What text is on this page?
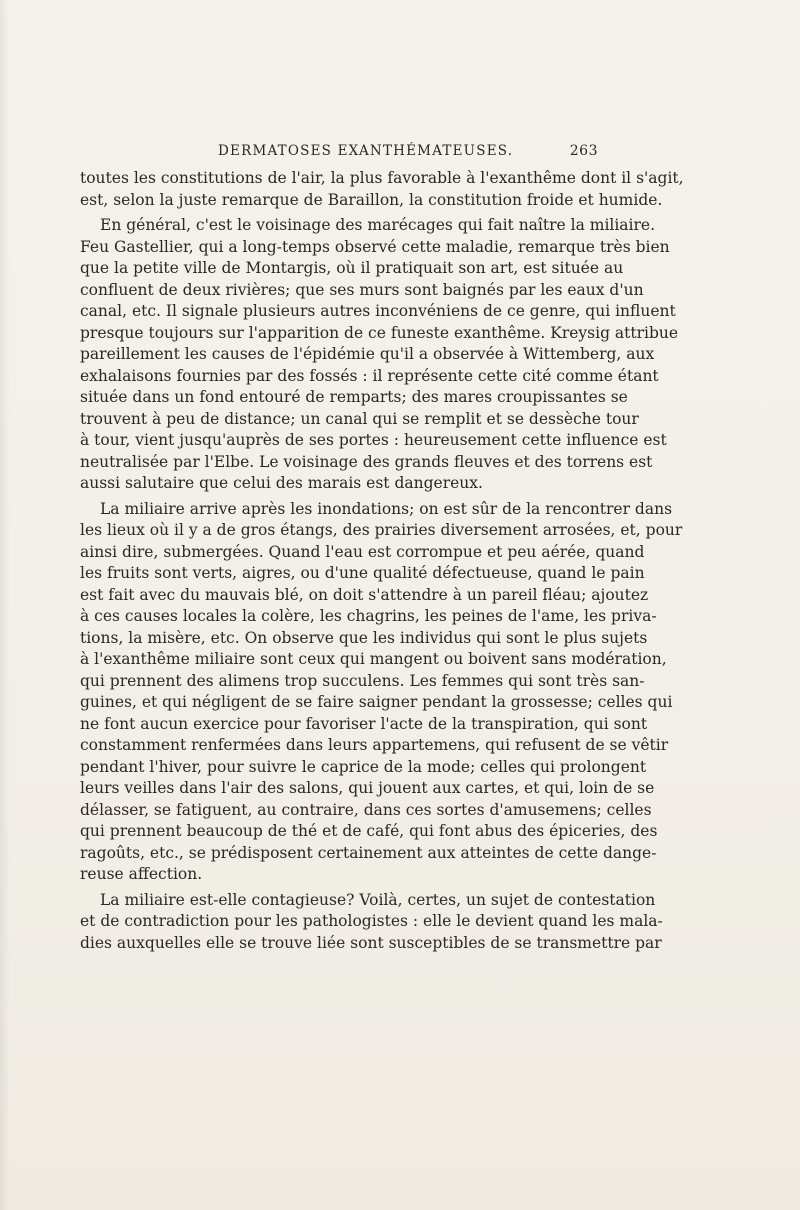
DERMATOSES EXANTHÉMATEUSES.	263
toutes les constitutions de l'air, la plus favorable à l'exanthême dont il s'agit,
est, selon la juste remarque de Baraillon, la constitution froide et humide.
En général, c'est le voisinage des marécages qui fait naître la miliaire.
Feu Gastellier, qui a long-temps observé cette maladie, remarque très bien
que la petite ville de Montargis, où il pratiquait son art, est située au
confluent de deux rivières; que ses murs sont baignés par les eaux d'un
canal, etc. Il signale plusieurs autres inconvéniens de ce genre, qui influent
presque toujours sur l'apparition de ce funeste exanthême. Kreysig attribue
pareillement les causes de l'épidémie qu'il a observée à Wittemberg, aux
exhalaisons fournies par des fossés : il représente cette cité comme étant
située dans un fond entouré de remparts; des mares croupissantes se
trouvent à peu de distance; un canal qui se remplit et se dessèche tour
à tour, vient jusqu'auprès de ses portes : heureusement cette influence est
neutralisée par l'Elbe. Le voisinage des grands fleuves et des torrens est
aussi salutaire que celui des marais est dangereux.
La miliaire arrive après les inondations; on est sûr de la rencontrer dans
les lieux où il y a de gros étangs, des prairies diversement arrosées, et, pour
ainsi dire, submergées. Quand l'eau est corrompue et peu aérée, quand
les fruits sont verts, aigres, ou d'une qualité défectueuse, quand le pain
est fait avec du mauvais blé, on doit s'attendre à un pareil fléau; ajoutez
à ces causes locales la colère, les chagrins, les peines de l'ame, les priva-
tions, la misère, etc. On observe que les individus qui sont le plus sujets
à l'exanthême miliaire sont ceux qui mangent ou boivent sans modération,
qui prennent des alimens trop succulens. Les femmes qui sont très san-
guines, et qui négligent de se faire saigner pendant la grossesse; celles qui
ne font aucun exercice pour favoriser l'acte de la transpiration, qui sont
constamment renfermées dans leurs appartemens, qui refusent de se vêtir
pendant l'hiver, pour suivre le caprice de la mode; celles qui prolongent
leurs veilles dans l'air des salons, qui jouent aux cartes, et qui, loin de se
délasser, se fatiguent, au contraire, dans ces sortes d'amusemens; celles
qui prennent beaucoup de thé et de café, qui font abus des épiceries, des
ragoûts, etc., se prédisposent certainement aux atteintes de cette dange-
reuse affection.
La miliaire est-elle contagieuse? Voilà, certes, un sujet de contestation
et de contradiction pour les pathologistes : elle le devient quand les mala-
dies auxquelles elle se trouve liée sont susceptibles de se transmettre par
